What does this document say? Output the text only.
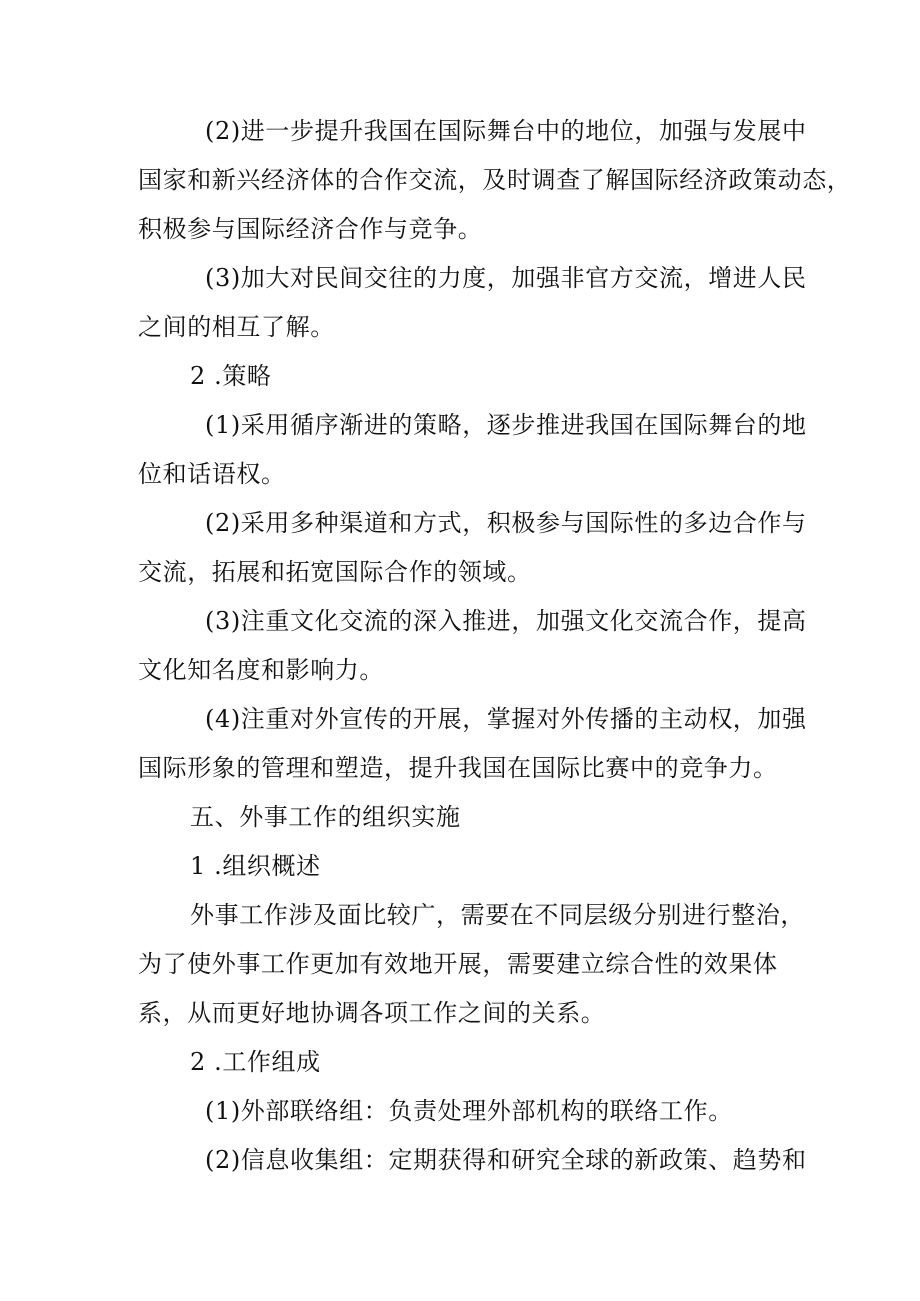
(2)进一步提升我国在国际舞台中的地位，加强与发展中
国家和新兴经济体的合作交流，及时调查了解国际经济政策动态，
积极参与国际经济合作与竞争。
(3)加大对民间交往的力度，加强非官方交流，增进人民
之间的相互了解。
2 .策略
(1)采用循序渐进的策略，逐步推进我国在国际舞台的地
位和话语权。
(2)采用多种渠道和方式，积极参与国际性的多边合作与
交流，拓展和拓宽国际合作的领域。
(3)注重文化交流的深入推进，加强文化交流合作，提高
文化知名度和影响力。
(4)注重对外宣传的开展，掌握对外传播的主动权，加强
国际形象的管理和塑造，提升我国在国际比赛中的竞争力。
五、外事工作的组织实施
1 .组织概述
外事工作涉及面比较广，需要在不同层级分别进行整治，
为了使外事工作更加有效地开展，需要建立综合性的效果体
系，从而更好地协调各项工作之间的关系。
2 .工作组成
(1)外部联络组：负责处理外部机构的联络工作。
(2)信息收集组：定期获得和研究全球的新政策、趋势和
